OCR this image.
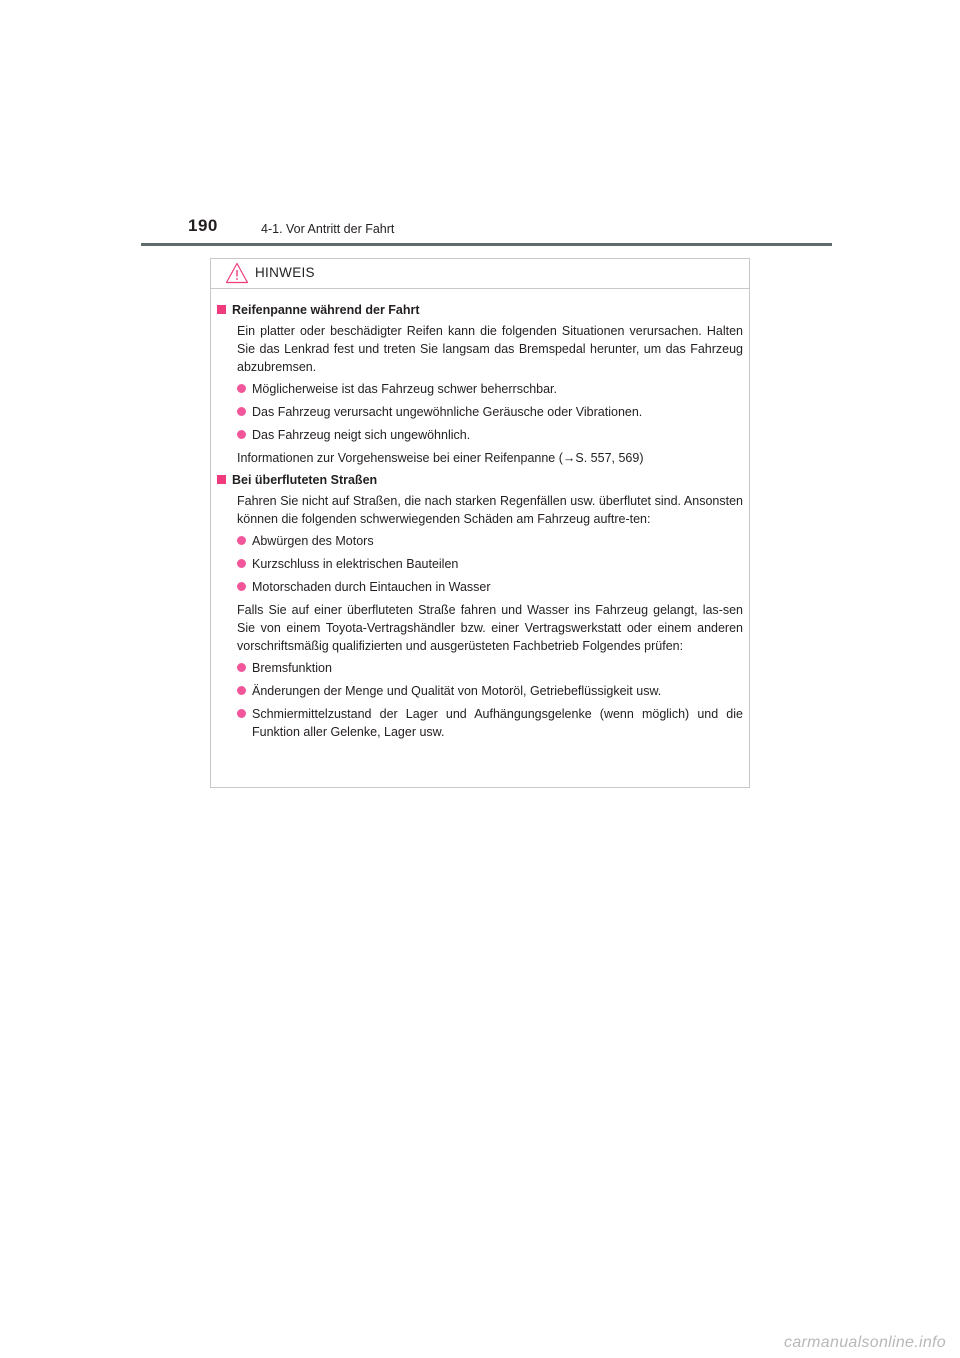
190	4-1. Vor Antritt der Fahrt
HINWEIS
Reifenpanne während der Fahrt

Ein platter oder beschädigter Reifen kann die folgenden Situationen verursachen. Halten Sie das Lenkrad fest und treten Sie langsam das Bremspedal herunter, um das Fahrzeug abzubremsen.

Möglicherweise ist das Fahrzeug schwer beherrschbar.
Das Fahrzeug verursacht ungewöhnliche Geräusche oder Vibrationen.
Das Fahrzeug neigt sich ungewöhnlich.

Informationen zur Vorgehensweise bei einer Reifenpanne (→S. 557, 569)

Bei überfluteten Straßen

Fahren Sie nicht auf Straßen, die nach starken Regenfällen usw. überflutet sind. Ansonsten können die folgenden schwerwiegenden Schäden am Fahrzeug auftre-ten:

Abwürgen des Motors
Kurzschluss in elektrischen Bauteilen
Motorschaden durch Eintauchen in Wasser

Falls Sie auf einer überfluteten Straße fahren und Wasser ins Fahrzeug gelangt, las-sen Sie von einem Toyota-Vertragshändler bzw. einer Vertragswerkstatt oder einem anderen vorschriftsmäßig qualifizierten und ausgerüsteten Fachbetrieb Folgendes prüfen:

Bremsfunktion
Änderungen der Menge und Qualität von Motoröl, Getriebeflüssigkeit usw.
Schmiermittelzustand der Lager und Aufhängungsgelenke (wenn möglich) und die Funktion aller Gelenke, Lager usw.
carmanualsonline.info
